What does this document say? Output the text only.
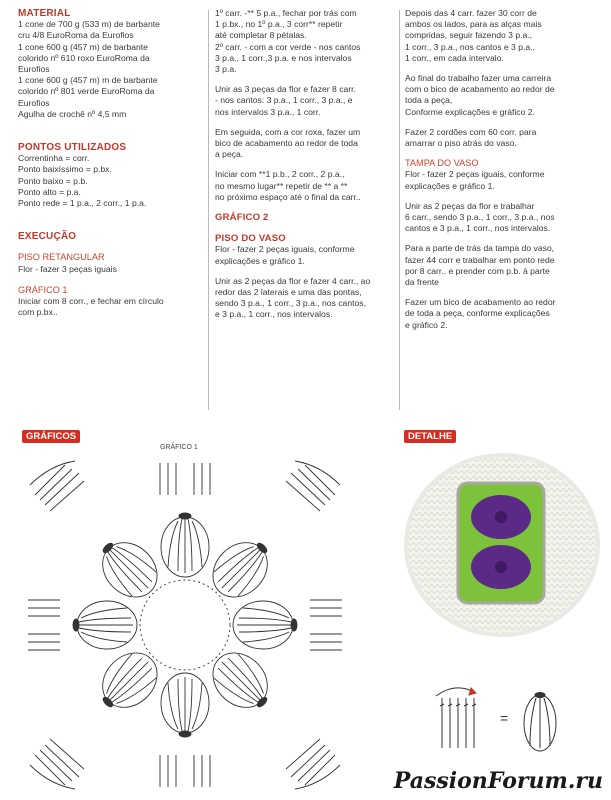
MATERIAL
1 cone de 700 g (533 m) de barbante
cru 4/8 EuroRoma da Eurofios
1 cone 600 g (457 m) de barbante
colorido nº 610 roxo EuroRoma da
Eurofios
1 cone 600 g (457 m) m de barbante
colorido nº 801 verde EuroRoma da
Eurofios
Agulha de crochê nº 4,5 mm
PONTOS UTILIZADOS
Correntinha = corr.
Ponto baixíssimo = p.bx.
Ponto baixo = p.b.
Ponto alto = p.a.
Ponto rede = 1 p.a., 2 corr., 1 p.a.
EXECUÇÃO
PISO RETANGULAR
Flor - fazer 3 peças iguais
GRÁFICO 1
Iniciar com 8 corr., e fechar em círculo
com p.bx..

1º carr. -** 5 p.a., fechar por trás com
1 p.bx., no 1º p.a., 3 corr** repetir
até completar 8 pétalas.

2º carr. - com a cor verde - nos cantos
3 p.a., 1 corr.,3 p.a. e nos intervalos
3 p.a.

Unir as 3 peças da flor e fazer 8 carr.
- nos cantos: 3 p.a., 1 corr., 3 p.a., e
nos intervalos 3 p.a., 1 corr.

Em seguida, com a cor roxa, fazer um
bico de acabamento ao redor de toda
a peça.

Iniciar com **1 p.b., 2 corr., 2 p.a.,
no mesmo lugar** repetir de ** a **
no próximo espaço até o final da carr..

GRÁFICO 2
PISO DO VASO

Flor - fazer 2 peças iguais, conforme
explicações e gráfico 1.

Unir as 2 peças da flor e fazer 4 carr., ao
redor das 2 laterais e uma das pontas,
sendo 3 p.a., 1 corr., 3 p.a., nos cantos,
e 3 p.a., 1 corr., nos intervalos.

Depois das 4 carr. fazer 30 corr de
ambos os lados, para as alças mais
compridas, seguir fazendo 3 p.a.,
1 corr., 3 p.a., nos cantos e 3 p.a.,
1 corr., em cada intervalo.

Ao final do trabalho fazer uma carreira
com o bico de acabamento ao redor de
toda a peça,
Conforme explicações e gráfico 2.

Fazer 2 cordões com 60 corr. para
amarrar o piso atrás do vaso.

TAMPA DO VASO

Flor - fazer 2 peças iguais, conforme
explicações e gráfico 1.

Unir as 2 peças da flor e trabalhar
6 carr., sendo 3 p.a., 1 corr., 3 p.a., nos
cantos e 3 p.a., 1 corr., nos intervalos.

Para a parte de trás da tampa do vaso,
fazer 44 corr e trabalhar em ponto rede
por 8 carr.. e prender com p.b. à parte
da frente

Fazer um bico de acabamento ao redor
de toda a peça, conforme explicações
e gráfico 2.

GRÁFICOS	DETALHE
GRÁFICO 1
=
PassionForum.ru
